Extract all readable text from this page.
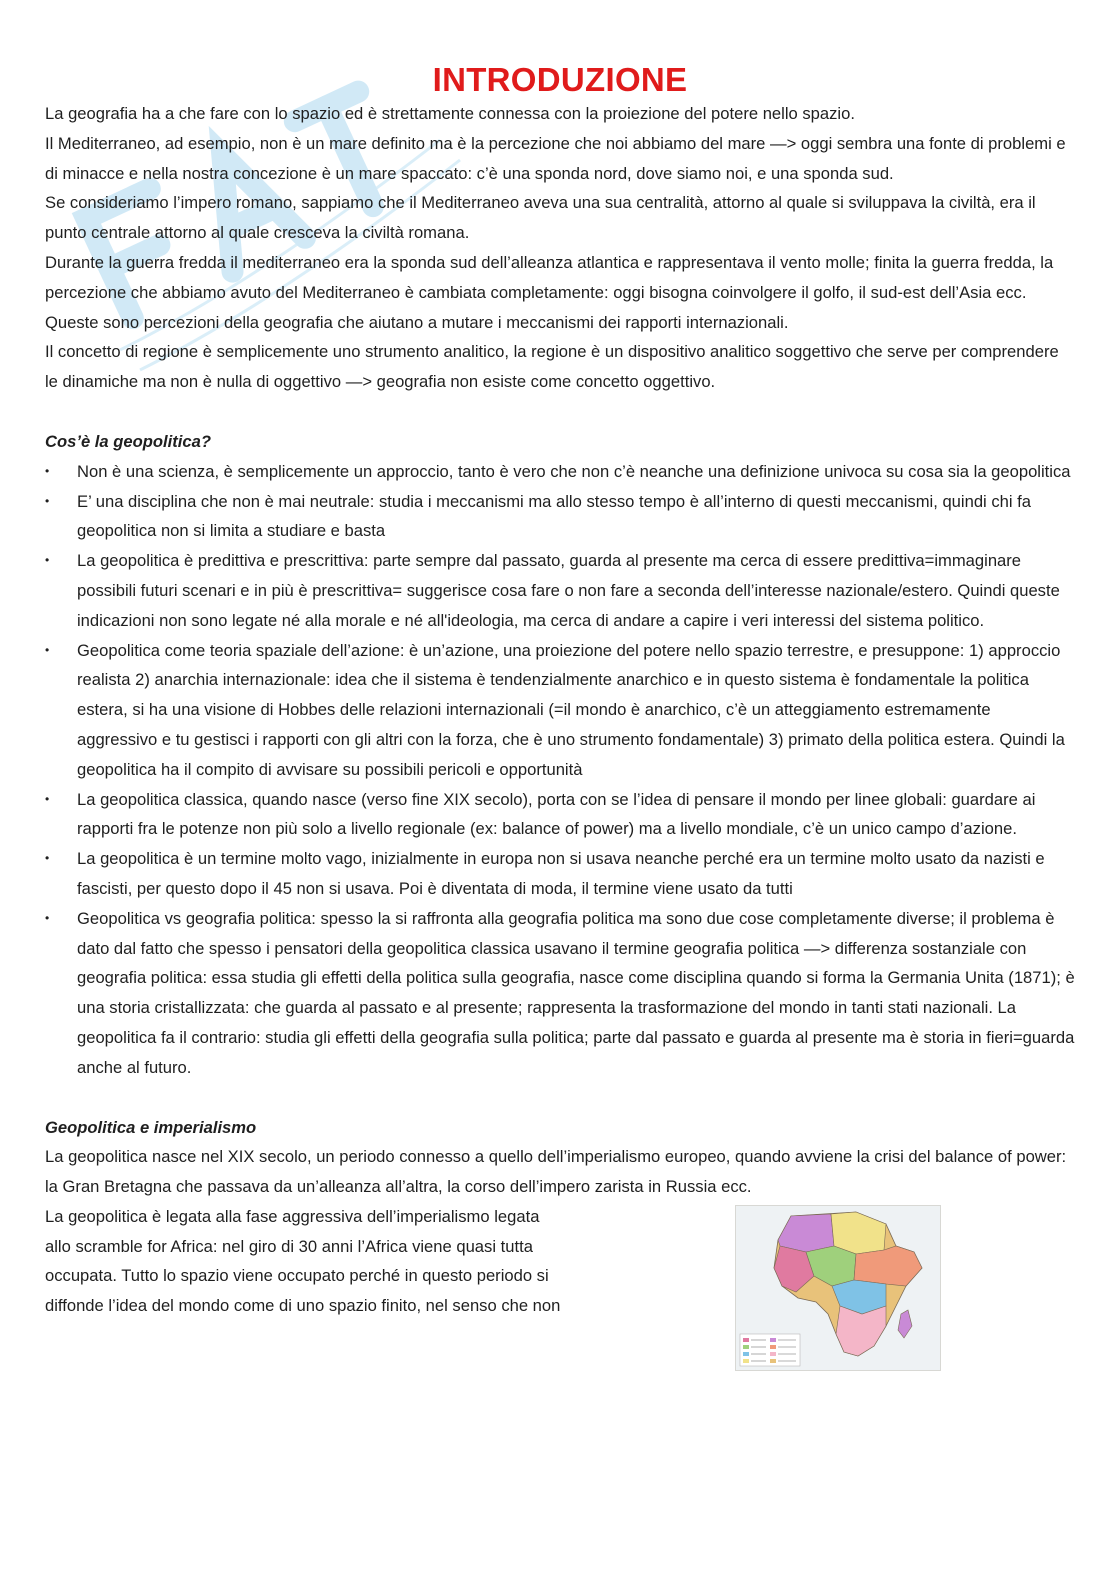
INTRODUZIONE

La geografia ha a che fare con lo spazio ed è strettamente connessa con la proiezione del potere nello spazio.

Il Mediterraneo, ad esempio, non è un mare definito ma è la percezione che noi abbiamo del mare —> oggi sembra una fonte di problemi e di minacce e nella nostra concezione è un mare spaccato: c’è una sponda nord, dove siamo noi, e una sponda sud.

Se consideriamo l’impero romano, sappiamo che il Mediterraneo aveva una sua centralità, attorno al quale si sviluppava la civiltà, era il punto centrale attorno al quale cresceva la civiltà romana.

Durante la guerra fredda il mediterraneo era la sponda sud dell’alleanza atlantica e rappresentava il vento molle; finita la guerra fredda, la percezione che abbiamo avuto del Mediterraneo è cambiata completamente: oggi bisogna coinvolgere il golfo, il sud-est dell’Asia ecc.

Queste sono percezioni della geografia che aiutano a mutare i meccanismi dei rapporti internazionali.

Il concetto di regione è semplicemente uno strumento analitico, la regione è un dispositivo analitico soggettivo che serve per comprendere le dinamiche ma non è nulla di oggettivo —> geografia non esiste come concetto oggettivo.

Cos’è la geopolitica?

•	Non è una scienza, è semplicemente un approccio, tanto è vero che non c’è neanche una definizione univoca su cosa sia la geopolitica
•	E’ una disciplina che non è mai neutrale: studia i meccanismi ma allo stesso tempo è all’interno di questi meccanismi, quindi chi fa geopolitica non si limita a studiare e basta
•	La geopolitica è predittiva e prescrittiva: parte sempre dal passato, guarda al presente ma cerca di essere predittiva=immaginare possibili futuri scenari e in più è prescrittiva= suggerisce cosa fare o non fare a seconda dell’interesse nazionale/estero. Quindi queste indicazioni non sono legate né alla morale e né all'ideologia, ma cerca di andare a capire i veri interessi del sistema politico.
•	Geopolitica come teoria spaziale dell’azione: è un’azione, una proiezione del potere nello spazio terrestre, e presuppone: 1) approccio realista 2) anarchia internazionale: idea che il sistema è tendenzialmente anarchico e in questo sistema è fondamentale la politica estera, si ha una visione di Hobbes delle relazioni internazionali (=il mondo è anarchico, c’è un atteggiamento estremamente aggressivo e tu gestisci i rapporti con gli altri con la forza, che è uno strumento fondamentale) 3) primato della politica estera. Quindi la geopolitica ha il compito di avvisare su possibili pericoli e opportunità
•	La geopolitica classica, quando nasce (verso fine XIX secolo), porta con se l’idea di pensare il mondo per linee globali: guardare ai rapporti fra le potenze non più solo a livello regionale (ex: balance of power) ma a livello mondiale, c’è un unico campo d’azione.
•	La geopolitica è un termine molto vago, inizialmente in europa non si usava neanche perché era un termine molto usato da nazisti e fascisti, per questo dopo il 45 non si usava. Poi è diventata di moda, il termine viene usato da tutti
•	Geopolitica vs geografia politica: spesso la si raffronta alla geografia politica ma sono due cose completamente diverse; il problema è dato dal fatto che spesso i pensatori della geopolitica classica usavano il termine geografia politica —> differenza sostanziale con geografia politica: essa studia gli effetti della politica sulla geografia, nasce come disciplina quando si forma la Germania Unita (1871); è una storia cristallizzata: che guarda al passato e al presente; rappresenta la trasformazione del mondo in tanti stati nazionali. La geopolitica fa il contrario: studia gli effetti della geografia sulla politica; parte dal passato e guarda al presente ma è storia in fieri=guarda anche al futuro.

Geopolitica e imperialismo

La geopolitica nasce nel XIX secolo, un periodo connesso a quello dell’imperialismo europeo, quando avviene la crisi del balance of power: la Gran Bretagna che passava da un’alleanza all’altra, la corso dell’impero zarista in Russia ecc.

La geopolitica è legata alla fase aggressiva dell’imperialismo legata
allo scramble for Africa: nel giro di 30 anni l’Africa viene quasi tutta
occupata. Tutto lo spazio viene occupato perché in questo periodo si
diffonde l’idea del mondo come di uno spazio finito, nel senso che non
